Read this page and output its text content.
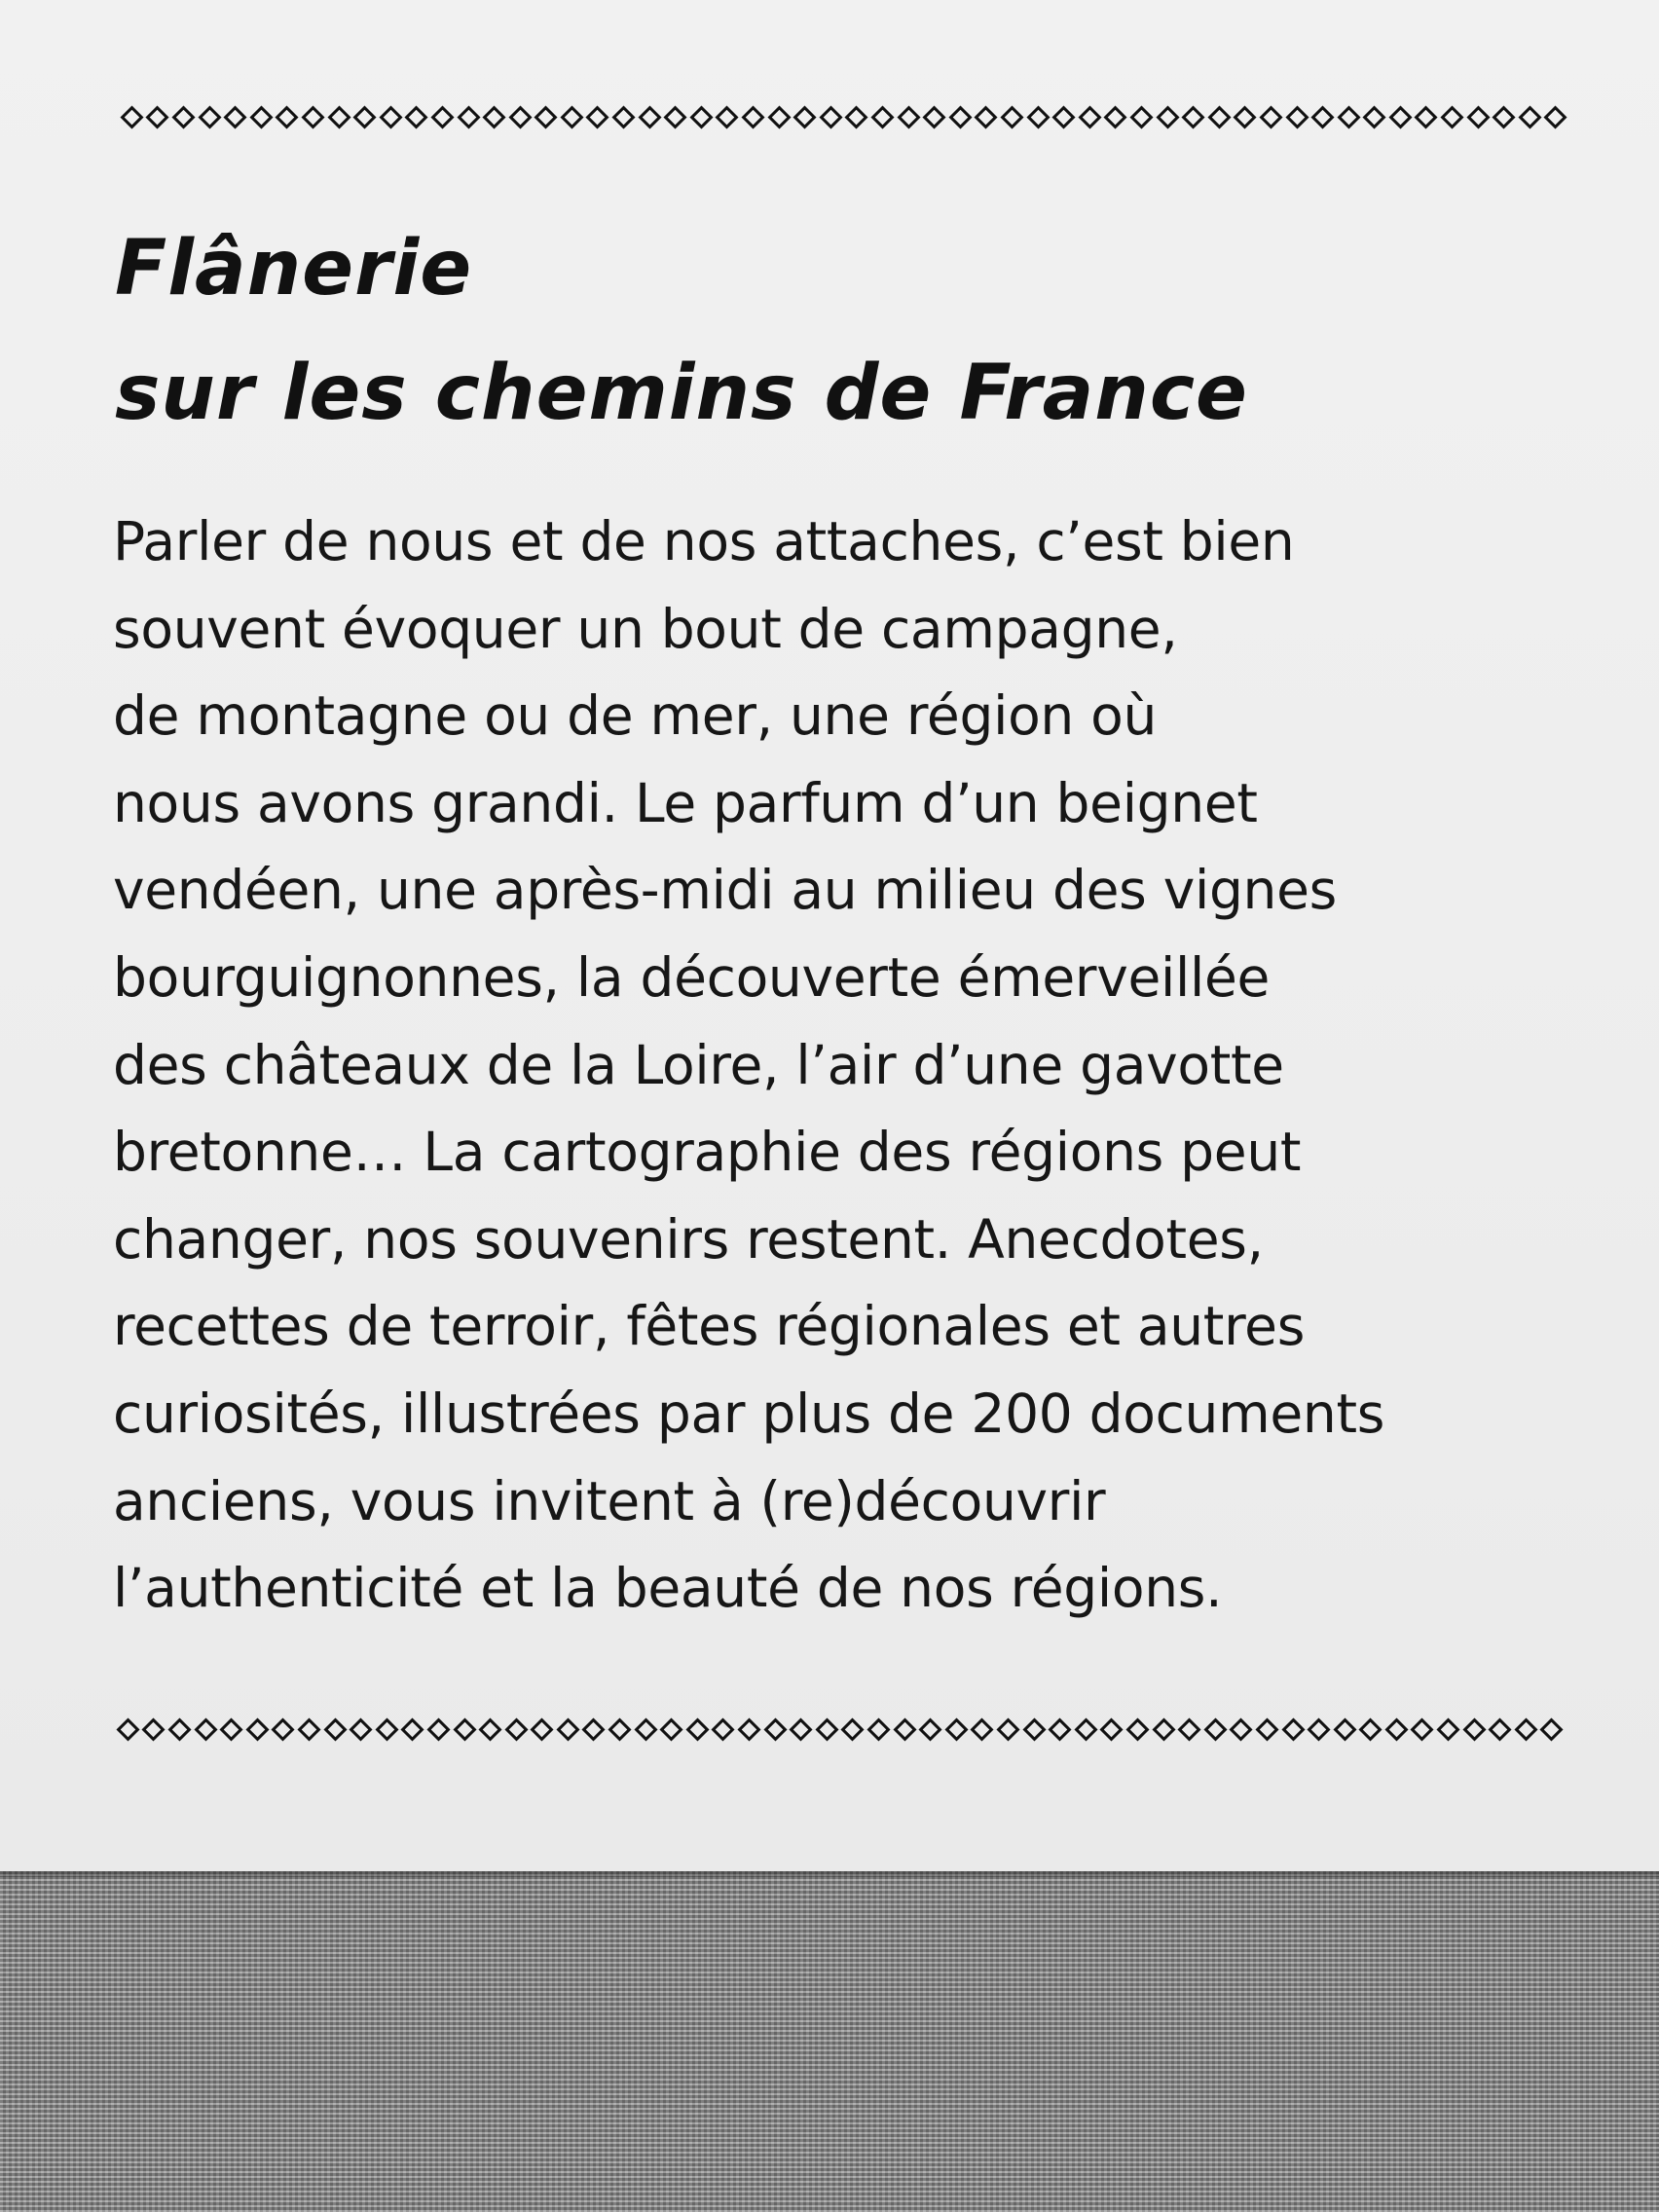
Flânerie
sur les chemins de France

Parler de nous et de nos attaches, c’est bien
souvent évoquer un bout de campagne,
de montagne ou de mer, une région où
nous avons grandi. Le parfum d’un beignet
vendéen, une après-midi au milieu des vignes
bourguignonnes, la découverte émerveillée
des châteaux de la Loire, l’air d’une gavotte
bretonne… La cartographie des régions peut
changer, nos souvenirs restent. Anecdotes,
recettes de terroir, fêtes régionales et autres
curiosités, illustrées par plus de 200 documents
anciens, vous invitent à (re)découvrir
l’authenticité et la beauté de nos régions.
